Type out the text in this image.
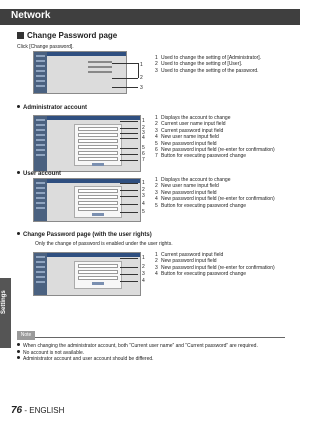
Network
Settings
Change Password page
Click [Change password].
1
2
3
1 Used to change the setting of [Administrator].
2 Used to change the setting of [User].
3 Used to change the setting of the password.
Administrator account
1
2
3
4
5
6
7
1 Displays the account to change
2 Current user name input field
3 Current password input field
4 New user name input field
5 New password input field
6 New password input field (re-enter for confirmation)
7 Button for executing password change
User account
1
2
3
4
5
1 Displays the account to change
2 New user name input field
3 New password input field
4 New password input field (re-enter for confirmation)
5 Button for executing password change
Change Password page (with the user rights)
Only the change of password is enabled under the user rights.
1
2
3
4
1 Current password input field
2 New password input field
3 New password input field (re-enter for confirmation)
4 Button for executing password change
Note
When changing the administrator account, both “Current user name” and “Current password” are required.
No account is not available.
Administrator account and user account should be differed.
76 - ENGLISH
